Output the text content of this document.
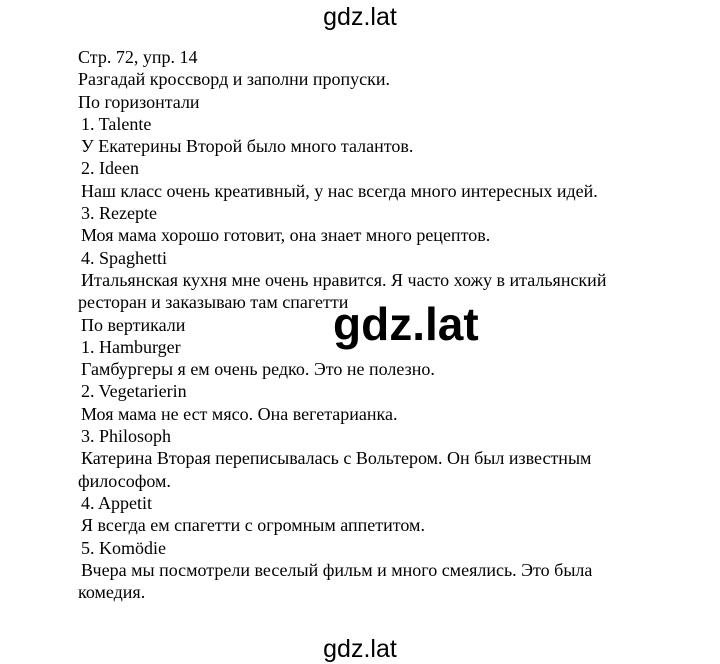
gdz.lat
Стр. 72, упр. 14
Разгадай кроссворд и заполни пропуски.
По горизонтали
1. Talente

У Екатерины Второй было много талантов.

2. Ideen

Наш класс очень креативный, у нас всегда много интересных идей.

3. Rezepte

Моя мама хорошо готовит, она знает много рецептов.

4. Spaghetti

Итальянская кухня мне очень нравится. Я часто хожу в итальянский ресторан и заказываю там спагетти

По вертикали
1. Hamburger

Гамбургеры я ем очень редко. Это не полезно.

2. Vegetarierin

Моя мама не ест мясо. Она вегетарианка.

3. Philosoph

Катерина Вторая переписывалась с Вольтером. Он был известным философом.

4. Appetit

Я всегда ем спагетти с огромным аппетитом.

5. Komödie

Вчера мы посмотрели веселый фильм и много смеялись. Это была комедия.

gdz.lat
gdz.lat
